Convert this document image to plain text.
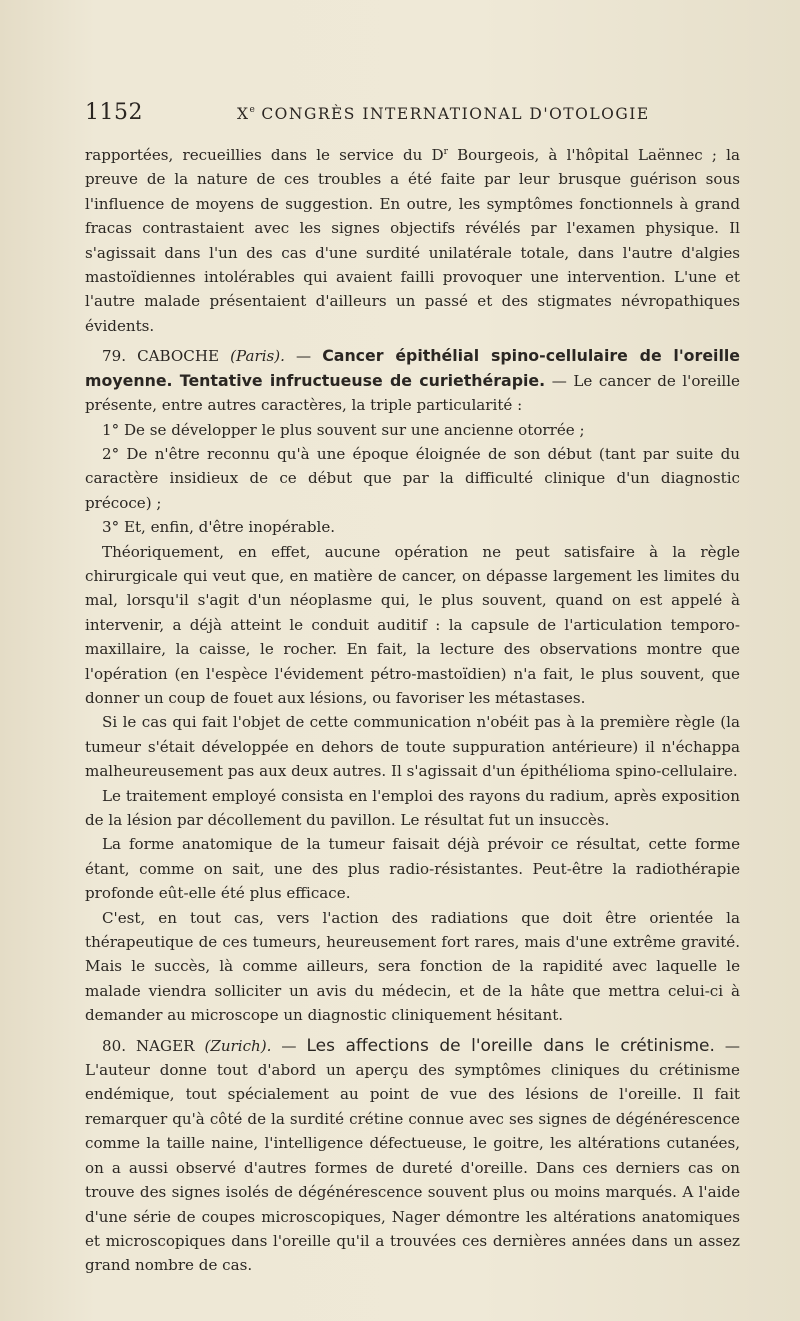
1152	Xe CONGRÈS INTERNATIONAL D'OTOLOGIE

rapportées, recueillies dans le service du $D^r$ Bourgeois, à l'hôpital Laënnec ; la preuve de la nature de ces troubles a été faite par leur brusque guérison sous l'influence de moyens de suggestion. En outre, les symptômes fonctionnels à grand fracas contrastaient avec les signes objectifs révélés par l'examen physique. Il s'agissait dans l'un des cas d'une surdité unilatérale totale, dans l'autre d'algies mastoïdiennes intolérables qui avaient failli provoquer une intervention. L'une et l'autre malade présentaient d'ailleurs un passé et des stigmates névropathiques évidents.

79. CABOCHE (Paris). — Cancer épithélial spino-cellulaire de l'oreille moyenne. Tentative infructueuse de curiethérapie. — Le cancer de l'oreille présente, entre autres caractères, la triple particularité :

1° De se développer le plus souvent sur une ancienne otorrée ;

2° De n'être reconnu qu'à une époque éloignée de son début (tant par suite du caractère insidieux de ce début que par la difficulté clinique d'un diagnostic précoce) ;

3° Et, enfin, d'être inopérable.

Théoriquement, en effet, aucune opération ne peut satisfaire à la règle chirurgicale qui veut que, en matière de cancer, on dépasse largement les limites du mal, lorsqu'il s'agit d'un néoplasme qui, le plus souvent, quand on est appelé à intervenir, a déjà atteint le conduit auditif : la capsule de l'articulation temporo-maxillaire, la caisse, le rocher. En fait, la lecture des observations montre que l'opération (en l'espèce l'évidement pétro-mastoïdien) n'a fait, le plus souvent, que donner un coup de fouet aux lésions, ou favoriser les métastases.

Si le cas qui fait l'objet de cette communication n'obéit pas à la première règle (la tumeur s'était développée en dehors de toute suppuration antérieure) il n'échappa malheureusement pas aux deux autres. Il s'agissait d'un épithélioma spino-cellulaire.

Le traitement employé consista en l'emploi des rayons du radium, après exposition de la lésion par décollement du pavillon. Le résultat fut un insuccès.

La forme anatomique de la tumeur faisait déjà prévoir ce résultat, cette forme étant, comme on sait, une des plus radio-résistantes. Peut-être la radiothérapie profonde eût-elle été plus efficace.

C'est, en tout cas, vers l'action des radiations que doit être orientée la thérapeutique de ces tumeurs, heureusement fort rares, mais d'une extrême gravité. Mais le succès, là comme ailleurs, sera fonction de la rapidité avec laquelle le malade viendra solliciter un avis du médecin, et de la hâte que mettra celui-ci à demander au microscope un diagnostic cliniquement hésitant.

80. NAGER (Zurich). — Les affections de l'oreille dans le crétinisme. — L'auteur donne tout d'abord un aperçu des symptômes cliniques du crétinisme endémique, tout spécialement au point de vue des lésions de l'oreille. Il fait remarquer qu'à côté de la surdité crétine connue avec ses signes de dégénérescence comme la taille naine, l'intelligence défectueuse, le goitre, les altérations cutanées, on a aussi observé d'autres formes de dureté d'oreille. Dans ces derniers cas on trouve des signes isolés de dégénérescence souvent plus ou moins marqués. A l'aide d'une série de coupes microscopiques, Nager démontre les altérations anatomiques et microscopiques dans l'oreille qu'il a trouvées ces dernières années dans un assez grand nombre de cas.
